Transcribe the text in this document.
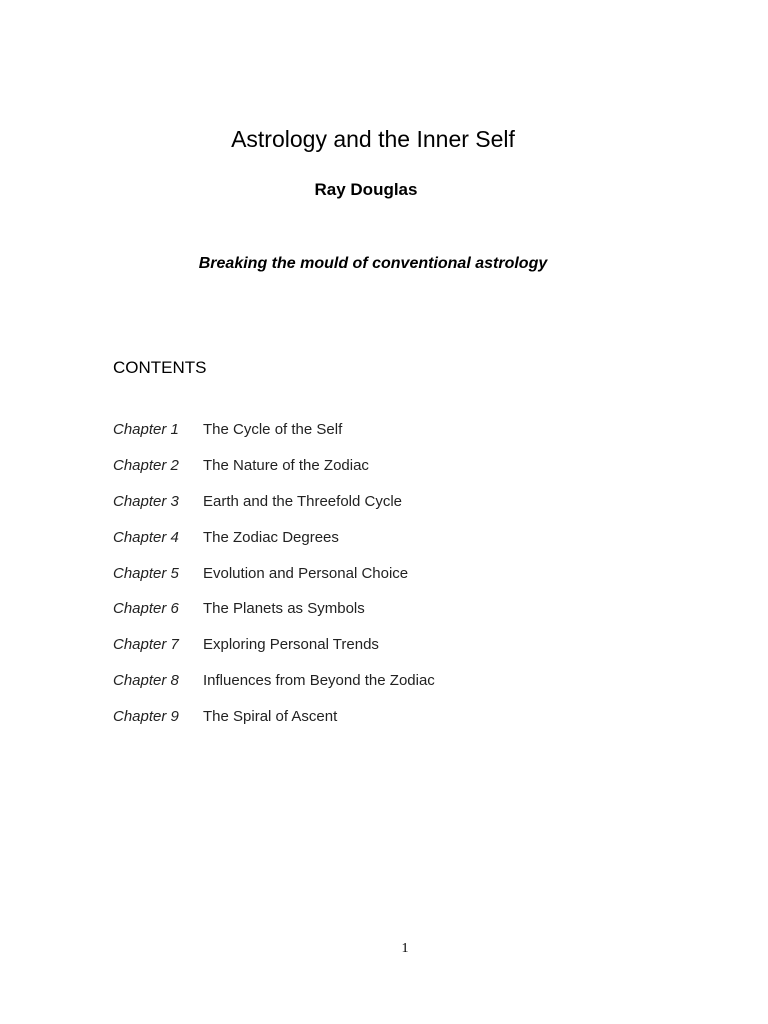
Astrology and the Inner Self
Ray Douglas
Breaking the mould of conventional astrology
CONTENTS
Chapter 1	The Cycle of the Self
Chapter 2	The Nature of the Zodiac
Chapter 3	Earth and the Threefold Cycle
Chapter 4	The Zodiac Degrees
Chapter 5	Evolution and Personal Choice
Chapter 6	The Planets as Symbols
Chapter 7	Exploring Personal Trends
Chapter 8	Influences from Beyond the Zodiac
Chapter 9	The Spiral of Ascent
1
